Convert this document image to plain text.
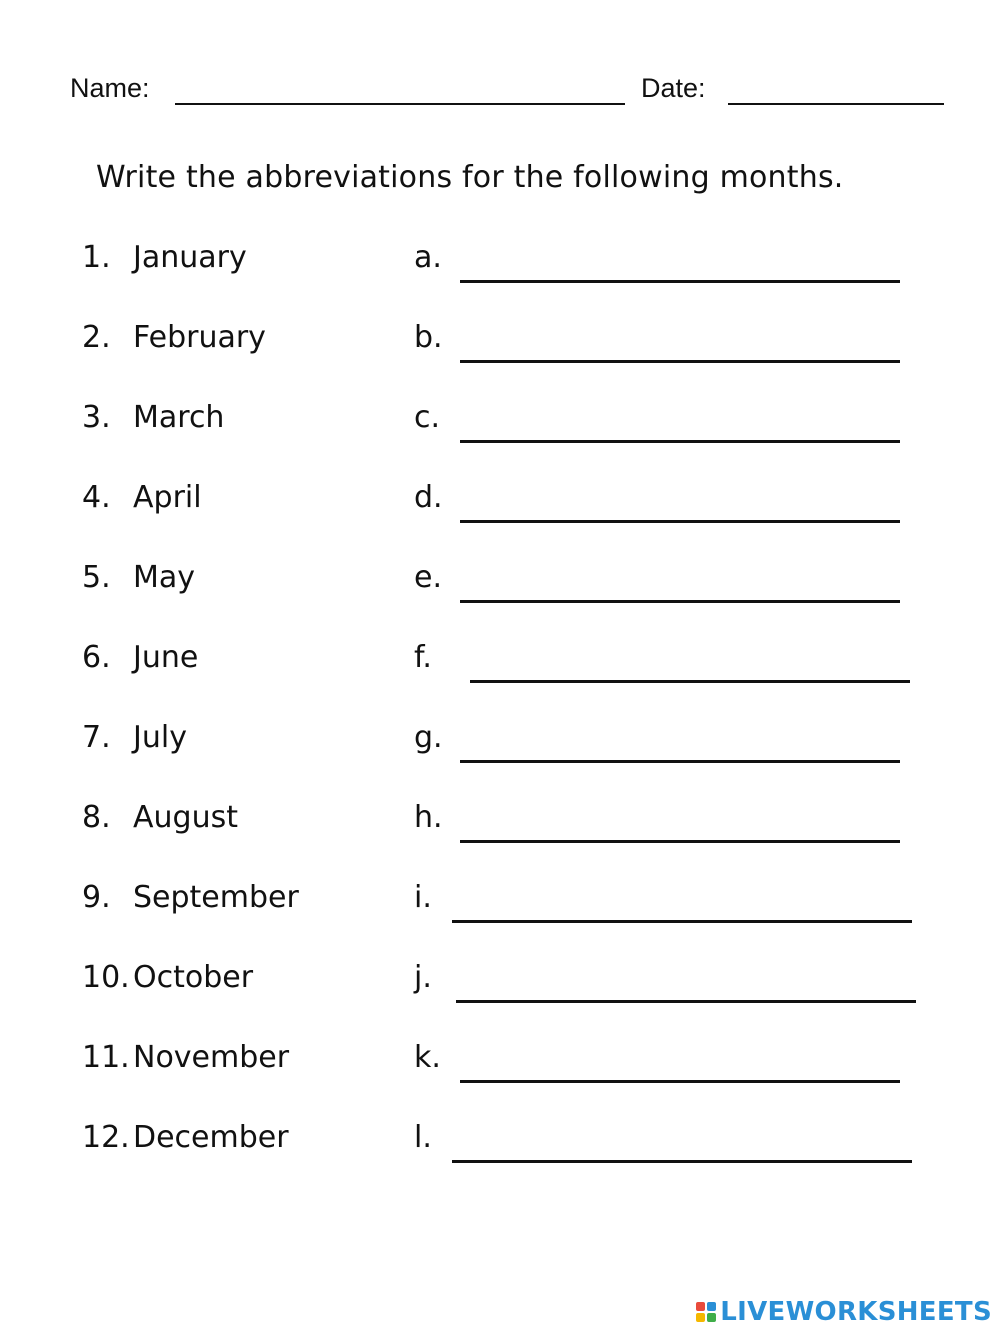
Name:	Date:
Write the abbreviations for the following months.
1. January	a.
2. February	b.
3. March	c.
4. April	d.
5. May	e.
6. June	f.
7. July	g.
8. August	h.
9. September	i.
10. October	j.
11. November	k.
12. December	l.
LIVEWORKSHEETS
